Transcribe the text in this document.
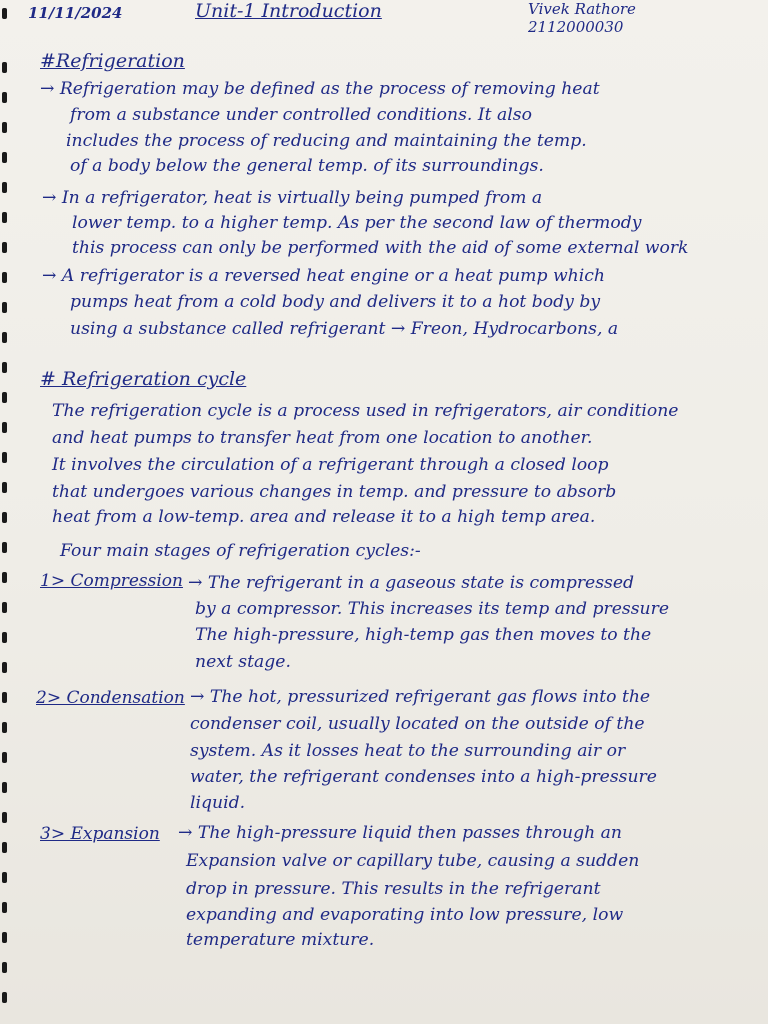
11/11/2024	Unit-1 Introduction	Vivek Rathore
2112000030
#Refrigeration
→ Refrigeration may be defined as the process of removing heat
from a substance under controlled conditions. It also
includes the process of reducing and maintaining the temp.
of a body below the general temp. of its surroundings.
→ In a refrigerator, heat is virtually being pumped from a
lower temp. to a higher temp. As per the second law of thermody
this process can only be performed with the aid of some external work
→ A refrigerator is a reversed heat engine or a heat pump which
pumps heat from a cold body and delivers it to a hot body by
using a substance called refrigerant → Freon, Hydrocarbons, a
# Refrigeration cycle
The refrigeration cycle is a process used in refrigerators, air conditione
and heat pumps to transfer heat from one location to another.
It involves the circulation of a refrigerant through a closed loop
that undergoes various changes in temp. and pressure to absorb
heat from a low-temp. area and release it to a high temp area.
Four main stages of refrigeration cycles:-
1> Compression → The refrigerant in a gaseous state is compressed
by a compressor. This increases its temp and pressure
The high-pressure, high-temp gas then moves to the
next stage.
2> Condensation → The hot, pressurized refrigerant gas flows into the
condenser coil, usually located on the outside of the
system. As it losses heat to the surrounding air or
water, the refrigerant condenses into a high-pressure
liquid.
3> Expansion → The high-pressure liquid then passes through an
Expansion valve or capillary tube, causing a sudden
drop in pressure. This results in the refrigerant
expanding and evaporating into low pressure, low
temperature mixture.
